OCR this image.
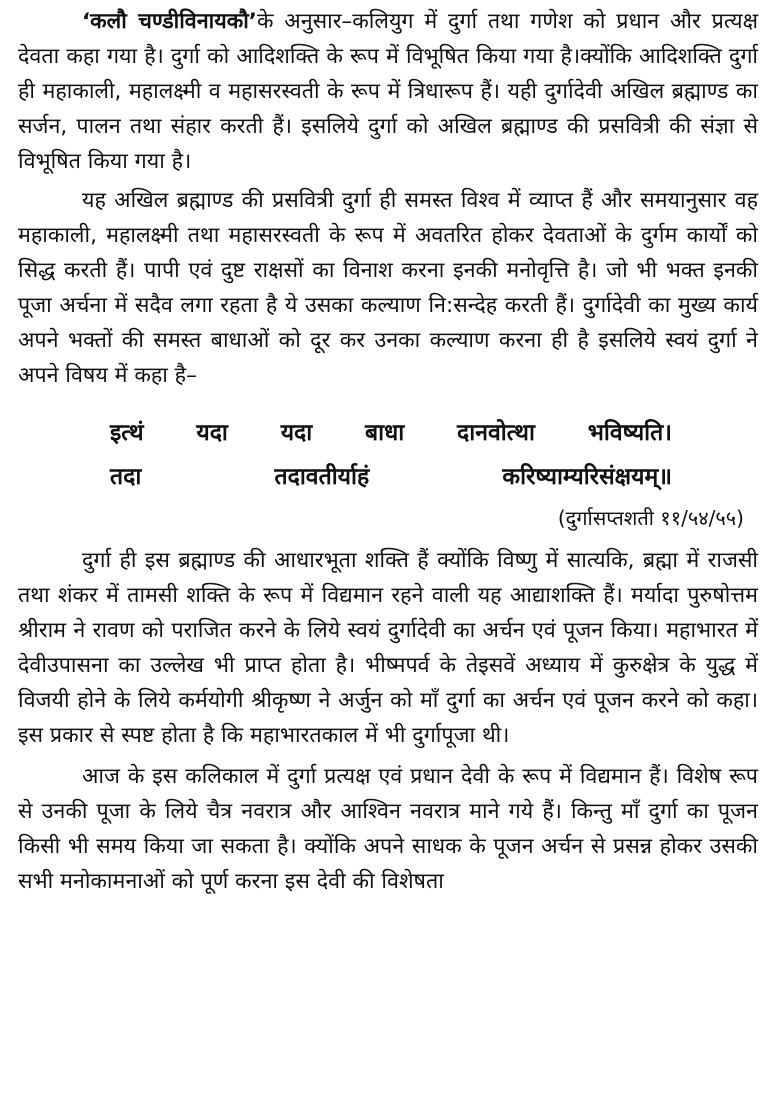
‘कलौ चण्डीविनायकौ’के अनुसार–कलियुग में दुर्गा तथा गणेश को प्रधान और प्रत्यक्ष देवता कहा गया है। दुर्गा को आदिशक्ति के रूप में विभूषित किया गया है।क्योंकि आदिशक्ति दुर्गा ही महाकाली, महालक्ष्मी व महासरस्वती के रूप में त्रिधारूप हैं। यही दुर्गादेवी अखिल ब्रह्माण्ड का सर्जन, पालन तथा संहार करती हैं। इसलिये दुर्गा को अखिल ब्रह्माण्ड की प्रसवित्री की संज्ञा से विभूषित किया गया है।

यह अखिल ब्रह्माण्ड की प्रसवित्री दुर्गा ही समस्त विश्व में व्याप्त हैं और समयानुसार वह महाकाली, महालक्ष्मी तथा महासरस्वती के रूप में अवतरित होकर देवताओं के दुर्गम कार्यों को सिद्ध करती हैं। पापी एवं दुष्ट राक्षसों का विनाश करना इनकी मनोवृत्ति है। जो भी भक्त इनकी पूजा अर्चना में सदैव लगा रहता है ये उसका कल्याण नि:सन्देह करती हैं। दुर्गादेवी का मुख्य कार्य अपने भक्तों की समस्त बाधाओं को दूर कर उनका कल्याण करना ही है इसलिये स्वयं दुर्गा ने अपने विषय में कहा है–

इत्थं यदा यदा बाधा दानवोत्था भविष्यति।
तदा	तदावतीर्याहं	करिष्याम्यरिसंक्षयम्॥
(दुर्गासप्तशती ११/५४/५५)

दुर्गा ही इस ब्रह्माण्ड की आधारभूता शक्ति हैं क्योंकि विष्णु में सात्यकि, ब्रह्मा में राजसी तथा शंकर में तामसी शक्ति के रूप में विद्यमान रहने वाली यह आद्याशक्ति हैं। मर्यादा पुरुषोत्तम श्रीराम ने रावण को पराजित करने के लिये स्वयं दुर्गादेवी का अर्चन एवं पूजन किया। महाभारत में देवीउपासना का उल्लेख भी प्राप्त होता है। भीष्मपर्व के तेइसवें अध्याय में कुरुक्षेत्र के युद्ध में विजयी होने के लिये कर्मयोगी श्रीकृष्ण ने अर्जुन को माँ दुर्गा का अर्चन एवं पूजन करने को कहा। इस प्रकार से स्पष्ट होता है कि महाभारतकाल में भी दुर्गापूजा थी।

आज के इस कलिकाल में दुर्गा प्रत्यक्ष एवं प्रधान देवी के रूप में विद्यमान हैं। विशेष रूप से उनकी पूजा के लिये चैत्र नवरात्र और आश्विन नवरात्र माने गये हैं। किन्तु माँ दुर्गा का पूजन किसी भी समय किया जा सकता है। क्योंकि अपने साधक के पूजन अर्चन से प्रसन्न होकर उसकी सभी मनोकामनाओं को पूर्ण करना इस देवी की विशेषता
